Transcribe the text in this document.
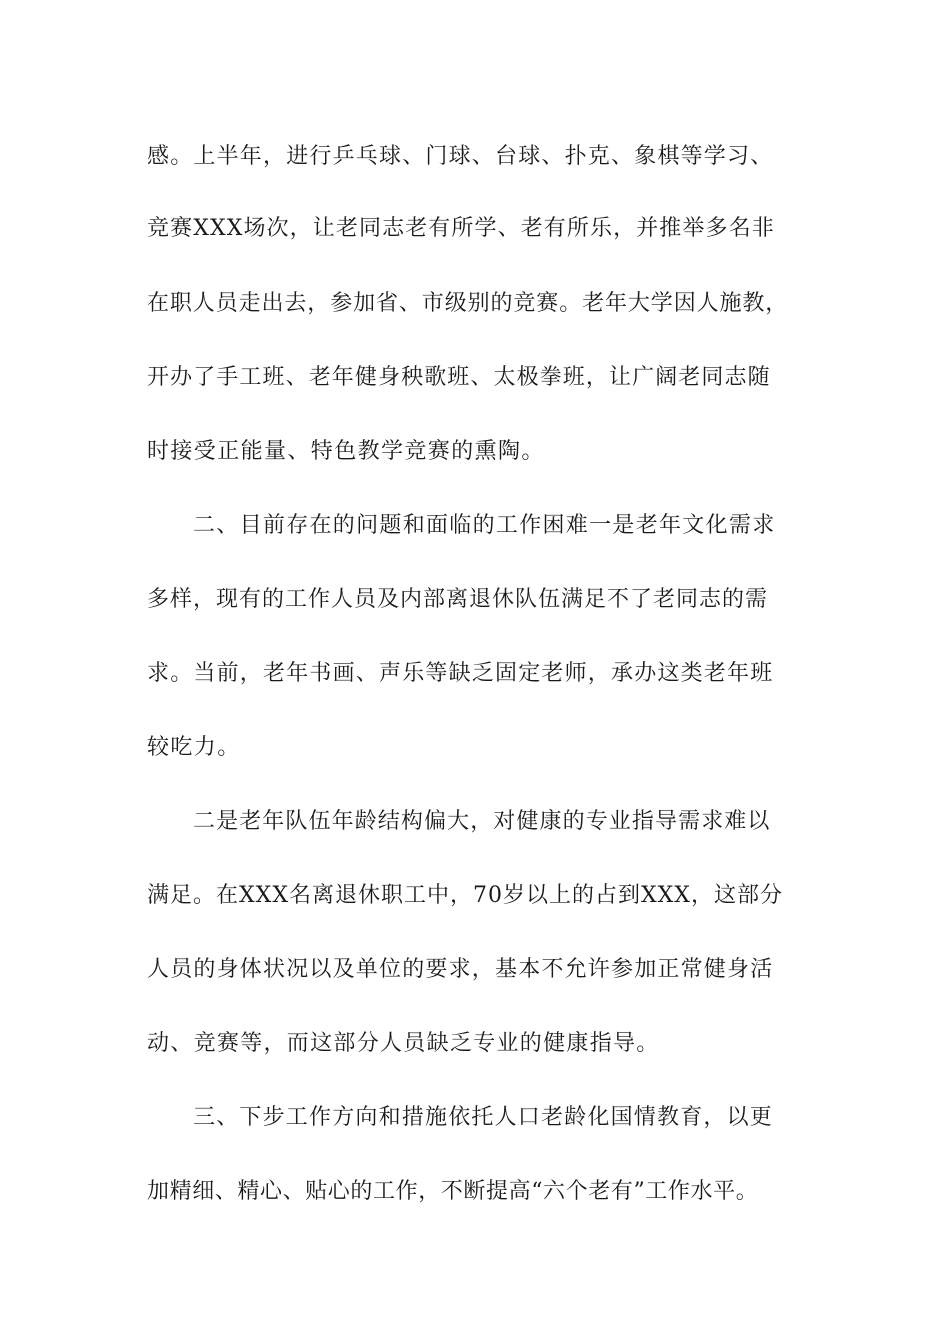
感。上半年，进行乒乓球、门球、台球、扑克、象棋等学习、
竞赛XXX场次，让老同志老有所学、老有所乐，并推举多名非
在职人员走出去，参加省、市级别的竞赛。老年大学因人施教，
开办了手工班、老年健身秧歌班、太极拳班，让广阔老同志随
时接受正能量、特色教学竞赛的熏陶。
二、目前存在的问题和面临的工作困难一是老年文化需求
多样，现有的工作人员及内部离退休队伍满足不了老同志的需
求。当前，老年书画、声乐等缺乏固定老师，承办这类老年班
较吃力。
二是老年队伍年龄结构偏大，对健康的专业指导需求难以
满足。在XXX名离退休职工中，70岁以上的占到XXX，这部分
人员的身体状况以及单位的要求，基本不允许参加正常健身活
动、竞赛等，而这部分人员缺乏专业的健康指导。
三、下步工作方向和措施依托人口老龄化国情教育，以更
加精细、精心、贴心的工作，不断提高“六个老有”工作水平。
